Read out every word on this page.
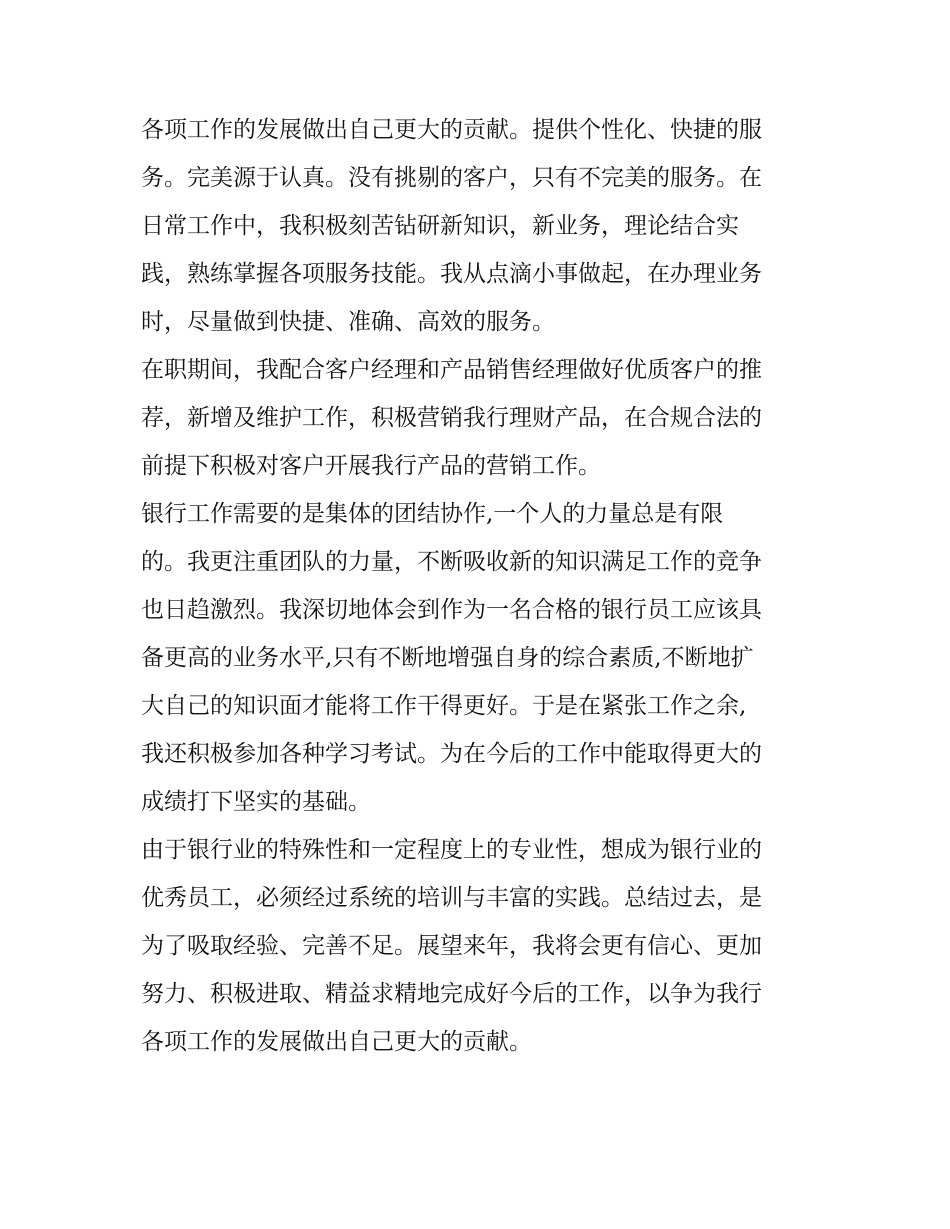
各项工作的发展做出自己更大的贡献。提供个性化、快捷的服
务。完美源于认真。没有挑剔的客户，只有不完美的服务。在
日常工作中，我积极刻苦钻研新知识，新业务，理论结合实
践，熟练掌握各项服务技能。我从点滴小事做起，在办理业务
时，尽量做到快捷、准确、高效的服务。
在职期间，我配合客户经理和产品销售经理做好优质客户的推
荐，新增及维护工作，积极营销我行理财产品，在合规合法的
前提下积极对客户开展我行产品的营销工作。
银行工作需要的是集体的团结协作,一个人的力量总是有限
的。我更注重团队的力量，不断吸收新的知识满足工作的竞争
也日趋激烈。我深切地体会到作为一名合格的银行员工应该具
备更高的业务水平,只有不断地增强自身的综合素质,不断地扩
大自己的知识面才能将工作干得更好。于是在紧张工作之余,
我还积极参加各种学习考试。为在今后的工作中能取得更大的
成绩打下坚实的基础。
由于银行业的特殊性和一定程度上的专业性，想成为银行业的
优秀员工，必须经过系统的培训与丰富的实践。总结过去，是
为了吸取经验、完善不足。展望来年，我将会更有信心、更加
努力、积极进取、精益求精地完成好今后的工作，以争为我行
各项工作的发展做出自己更大的贡献。
